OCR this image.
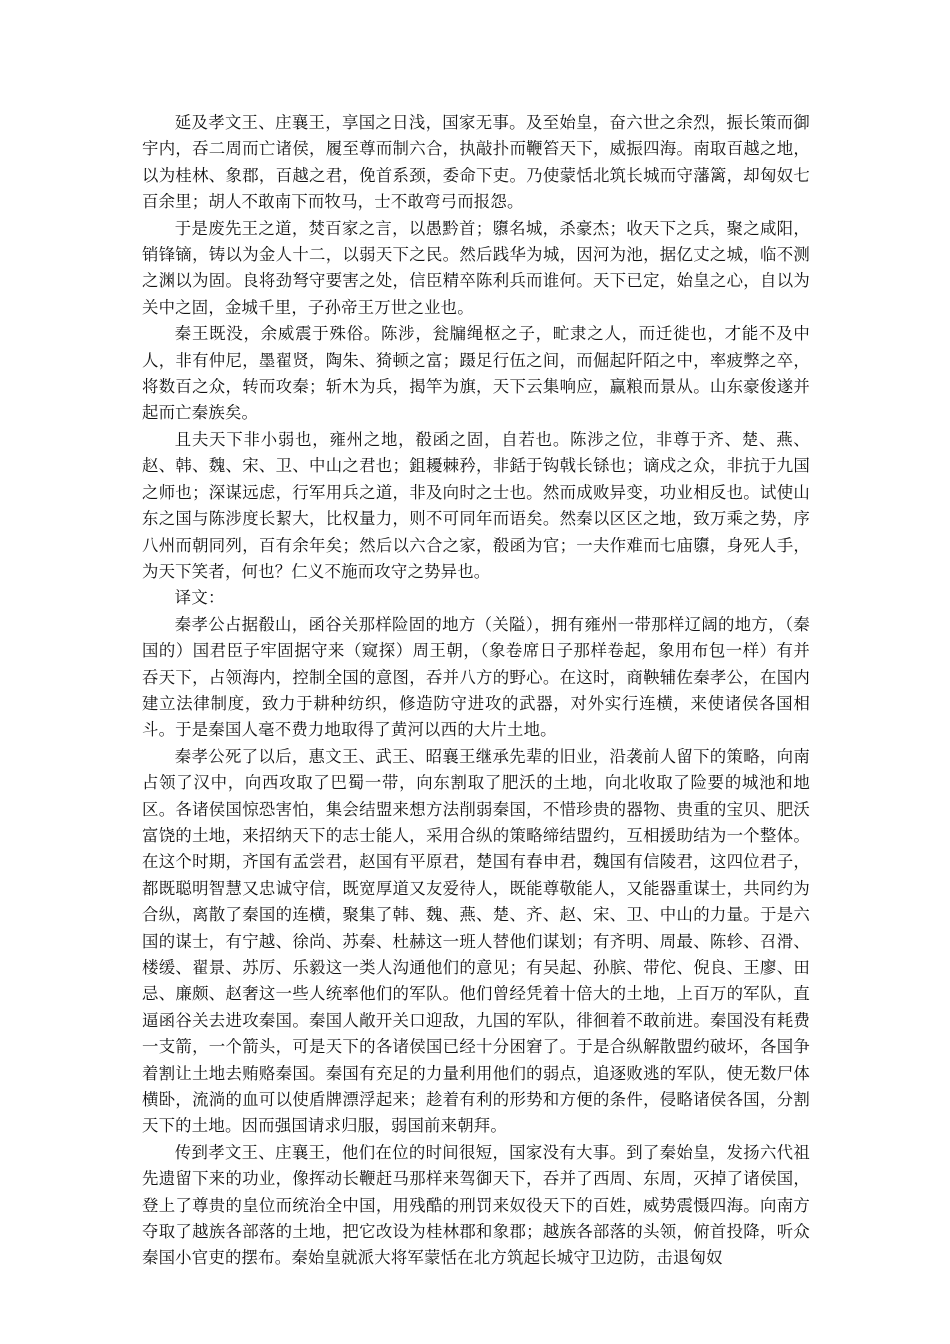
延及孝文王、庄襄王，享国之日浅，国家无事。及至始皇，奋六世之余烈，振长策而御宇内，吞二周而亡诸侯，履至尊而制六合，执敲扑而鞭笞天下，威振四海。南取百越之地，以为桂林、象郡，百越之君，俛首系颈，委命下吏。乃使蒙恬北筑长城而守藩篱，却匈奴七百余里；胡人不敢南下而牧马，士不敢弯弓而报怨。

于是废先王之道，焚百家之言，以愚黔首；隳名城，杀豪杰；收天下之兵，聚之咸阳，销锋镝，铸以为金人十二，以弱天下之民。然后践华为城，因河为池，据亿丈之城，临不测之渊以为固。良将劲弩守要害之处，信臣精卒陈利兵而谁何。天下已定，始皇之心，自以为关中之固，金城千里，子孙帝王万世之业也。

秦王既没，余威震于殊俗。陈涉，瓮牖绳枢之子，甿隶之人，而迁徙也，才能不及中人，非有仲尼，墨翟贤，陶朱、猗顿之富；蹑足行伍之间，而倔起阡陌之中，率疲弊之卒，将数百之众，转而攻秦；斩木为兵，揭竿为旗，天下云集响应，赢粮而景从。山东豪俊遂并起而亡秦族矣。

且夫天下非小弱也，雍州之地，殽函之固，自若也。陈涉之位，非尊于齐、楚、燕、赵、韩、魏、宋、卫、中山之君也；鉏耰棘矜，非銛于钩戟长铩也；谪戍之众，非抗于九国之师也；深谋远虑，行军用兵之道，非及向时之士也。然而成败异变，功业相反也。试使山东之国与陈涉度长絜大，比权量力，则不可同年而语矣。然秦以区区之地，致万乘之势，序八州而朝同列，百有余年矣；然后以六合之家，殽函为官；一夫作难而七庙隳，身死人手，为天下笑者，何也？仁义不施而攻守之势异也。

译文：

秦孝公占据殽山，函谷关那样险固的地方（关隘），拥有雍州一带那样辽阔的地方，（秦国的）国君臣子牢固据守来（窥探）周王朝，（象卷席日子那样卷起，象用布包一样）有并吞天下，占领海内，控制全国的意图，吞并八方的野心。在这时，商鞅辅佐秦孝公，在国内建立法律制度，致力于耕种纺织，修造防守进攻的武器，对外实行连横，来使诸侯各国相斗。于是秦国人毫不费力地取得了黄河以西的大片土地。

秦孝公死了以后，惠文王、武王、昭襄王继承先辈的旧业，沿袭前人留下的策略，向南占领了汉中，向西攻取了巴蜀一带，向东割取了肥沃的土地，向北收取了险要的城池和地区。各诸侯国惊恐害怕，集会结盟来想方法削弱秦国，不惜珍贵的器物、贵重的宝贝、肥沃富饶的土地，来招纳天下的志士能人，采用合纵的策略缔结盟约，互相援助结为一个整体。在这个时期，齐国有孟尝君，赵国有平原君，楚国有春申君，魏国有信陵君，这四位君子，都既聪明智慧又忠诚守信，既宽厚道又友爱待人，既能尊敬能人，又能器重谋士，共同约为合纵，离散了秦国的连横，聚集了韩、魏、燕、楚、齐、赵、宋、卫、中山的力量。于是六国的谋士，有宁越、徐尚、苏秦、杜赫这一班人替他们谋划；有齐明、周最、陈轸、召滑、楼缓、翟景、苏厉、乐毅这一类人沟通他们的意见；有吴起、孙膑、带佗、倪良、王廖、田忌、廉颇、赵奢这一些人统率他们的军队。他们曾经凭着十倍大的土地，上百万的军队，直逼函谷关去进攻秦国。秦国人敞开关口迎敌，九国的军队，徘徊着不敢前进。秦国没有耗费一支箭，一个箭头，可是天下的各诸侯国已经十分困窘了。于是合纵解散盟约破坏，各国争着割让土地去贿赂秦国。秦国有充足的力量利用他们的弱点，追逐败逃的军队，使无数尸体横卧，流淌的血可以使盾牌漂浮起来；趁着有利的形势和方便的条件，侵略诸侯各国，分割天下的土地。因而强国请求归服，弱国前来朝拜。

传到孝文王、庄襄王，他们在位的时间很短，国家没有大事。到了秦始皇，发扬六代祖先遗留下来的功业，像挥动长鞭赶马那样来驾御天下，吞并了西周、东周，灭掉了诸侯国，登上了尊贵的皇位而统治全中国，用残酷的刑罚来奴役天下的百姓，威势震慑四海。向南方夺取了越族各部落的土地，把它改设为桂林郡和象郡；越族各部落的头领，俯首投降，听众秦国小官吏的摆布。秦始皇就派大将军蒙恬在北方筑起长城守卫边防，击退匈奴
